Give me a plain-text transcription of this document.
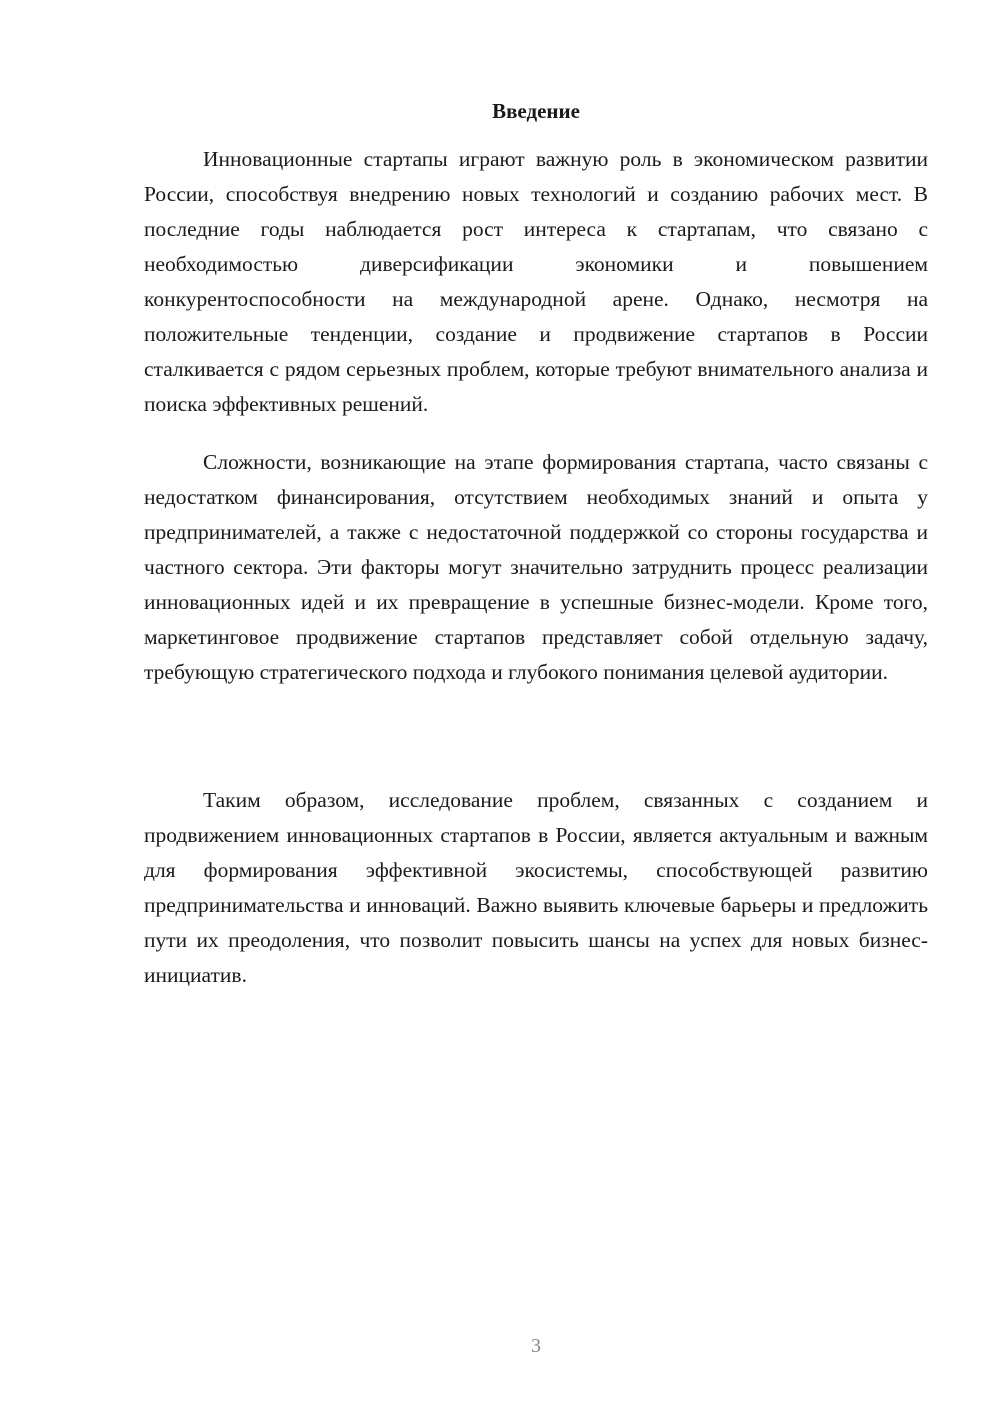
Введение

Инновационные стартапы играют важную роль в экономическом развитии России, способствуя внедрению новых технологий и созданию рабочих мест. В последние годы наблюдается рост интереса к стартапам, что связано с необходимостью диверсификации экономики и повышением конкурентоспособности на международной арене. Однако, несмотря на положительные тенденции, создание и продвижение стартапов в России сталкивается с рядом серьезных проблем, которые требуют внимательного анализа и поиска эффективных решений.

Сложности, возникающие на этапе формирования стартапа, часто связаны с недостатком финансирования, отсутствием необходимых знаний и опыта у предпринимателей, а также с недостаточной поддержкой со стороны государства и частного сектора. Эти факторы могут значительно затруднить процесс реализации инновационных идей и их превращение в успешные бизнес-модели. Кроме того, маркетинговое продвижение стартапов представляет собой отдельную задачу, требующую стратегического подхода и глубокого понимания целевой аудитории.

Таким образом, исследование проблем, связанных с созданием и продвижением инновационных стартапов в России, является актуальным и важным для формирования эффективной экосистемы, способствующей развитию предпринимательства и инноваций. Важно выявить ключевые барьеры и предложить пути их преодоления, что позволит повысить шансы на успех для новых бизнес-инициатив.

3
